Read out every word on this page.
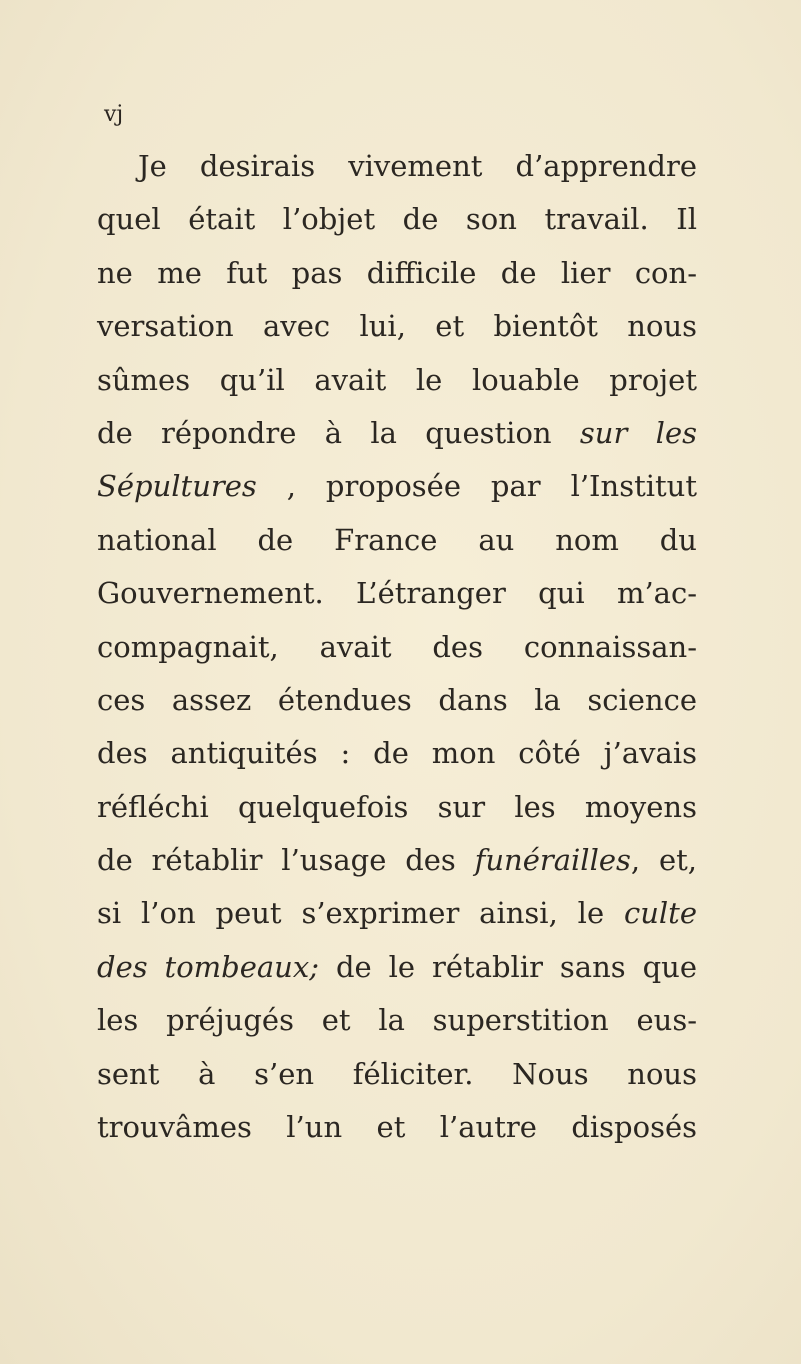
vj
Je desirais vivement d’apprendre
quel était l’objet de son travail. Il
ne me fut pas difficile de lier con-
versation avec lui, et bientôt nous
sûmes qu’il avait le louable projet
de répondre à la question sur les
Sépultures , proposée par l’Institut
national de France au nom du
Gouvernement. L’étranger qui m’ac-
compagnait, avait des connaissan-
ces assez étendues dans la science
des antiquités : de mon côté j’avais
réfléchi quelquefois sur les moyens
de rétablir l’usage des funérailles, et,
si l’on peut s’exprimer ainsi, le culte
des tombeaux; de le rétablir sans que
les préjugés et la superstition eus-
sent à s’en féliciter. Nous nous
trouvâmes l’un et l’autre disposés
